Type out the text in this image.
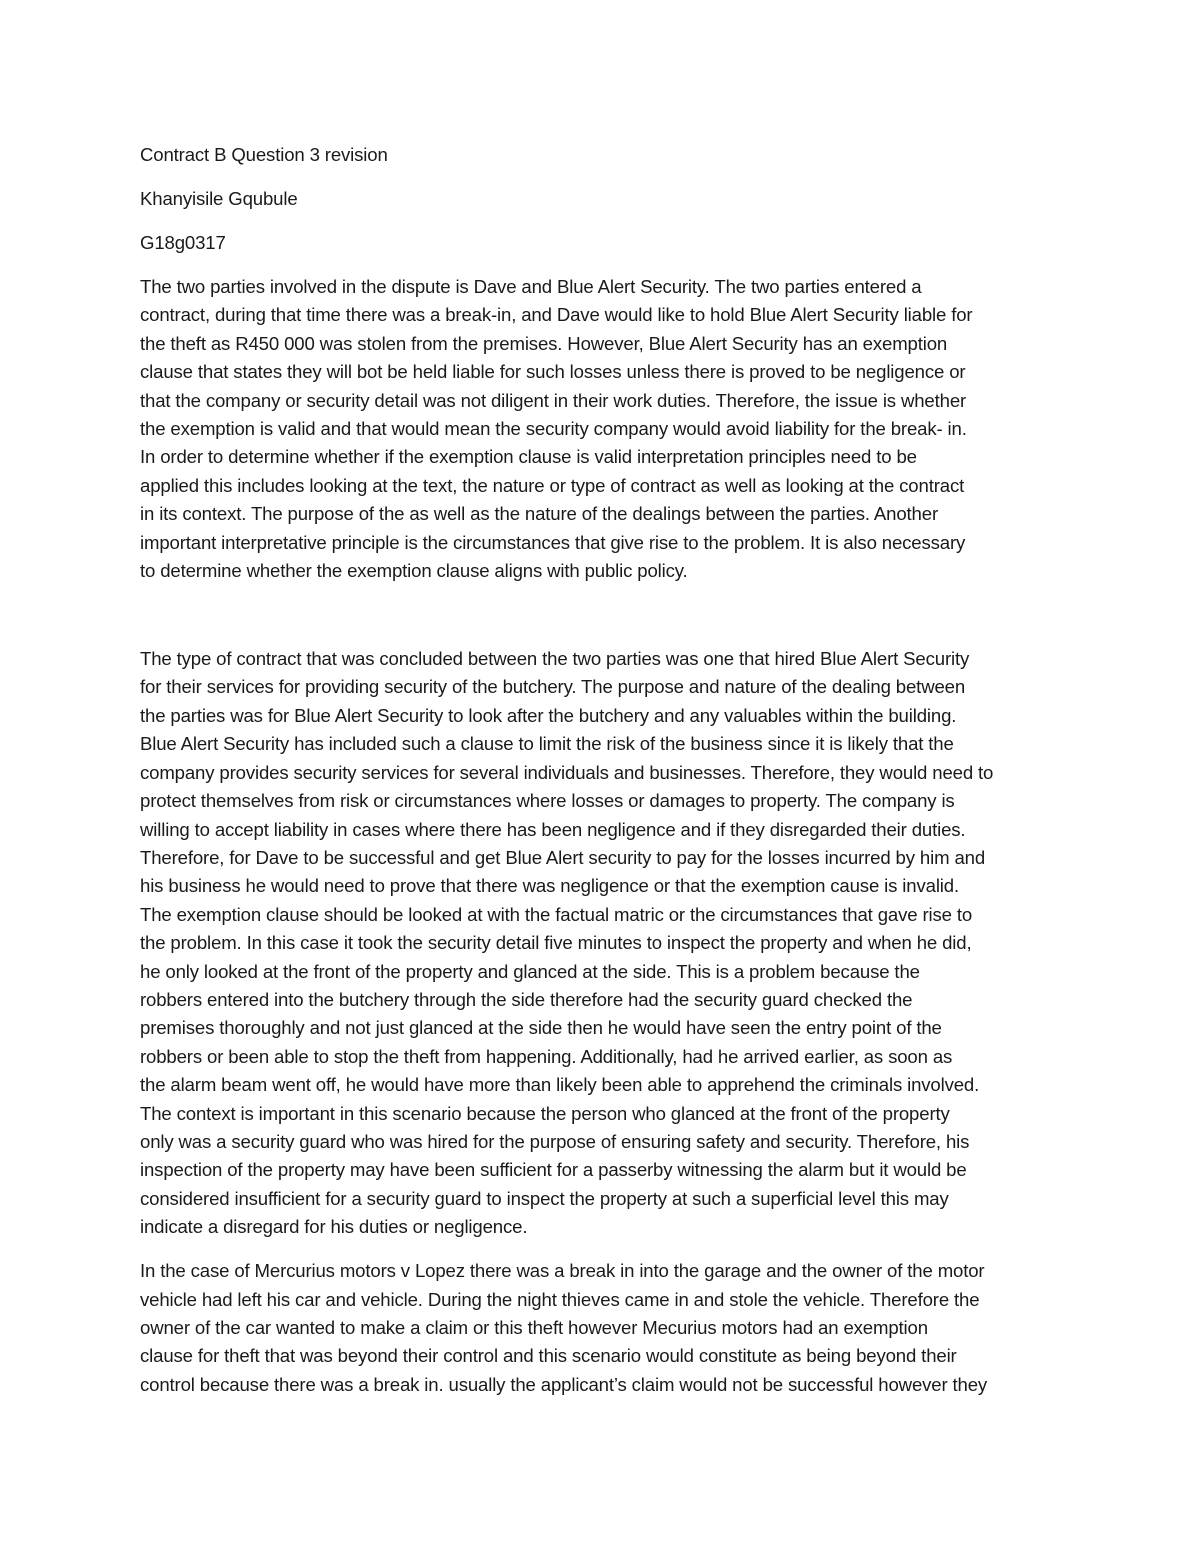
Contract B Question 3 revision

Khanyisile Gqubule

G18g0317

The two parties involved in the dispute is Dave and Blue Alert Security. The two parties entered a

contract, during that time there was a break-in, and Dave would like to hold Blue Alert Security liable for

the theft as R450 000 was stolen from the premises. However, Blue Alert Security has an exemption

clause that states they will bot be held liable for such losses unless there is proved to be negligence or

that the company or security detail was not diligent in their work duties. Therefore, the issue is whether

the exemption is valid and that would mean the security company would avoid liability for the break- in.

In order to determine whether if the exemption clause is valid interpretation principles need to be

applied this includes looking at the text, the nature or type of contract as well as looking at the contract

in its context. The purpose of the as well as the nature of the dealings between the parties. Another

important interpretative principle is the circumstances that give rise to the problem. It is also necessary

to determine whether the exemption clause aligns with public policy.

The type of contract that was concluded between the two parties was one that hired Blue Alert Security

for their services for providing security of the butchery. The purpose and nature of the dealing between

the parties was for Blue Alert Security to look after the butchery and any valuables within the building.

Blue Alert Security has included such a clause to limit the risk of the business since it is likely that the

company provides security services for several individuals and businesses. Therefore, they would need to

protect themselves from risk or circumstances where losses or damages to property. The company is

willing to accept liability in cases where there has been negligence and if they disregarded their duties.

Therefore, for Dave to be successful and get Blue Alert security to pay for the losses incurred by him and

his business he would need to prove that there was negligence or that the exemption cause is invalid.

The exemption clause should be looked at with the factual matric or the circumstances that gave rise to

the problem. In this case it took the security detail five minutes to inspect the property and when he did,

he only looked at the front of the property and glanced at the side. This is a problem because the

robbers entered into the butchery through the side therefore had the security guard checked the

premises thoroughly and not just glanced at the side then he would have seen the entry point of the

robbers or been able to stop the theft from happening. Additionally, had he arrived earlier, as soon as

the alarm beam went off, he would have more than likely been able to apprehend the criminals involved.

The context is important in this scenario because the person who glanced at the front of the property

only was a security guard who was hired for the purpose of ensuring safety and security. Therefore, his

inspection of the property may have been sufficient for a passerby witnessing the alarm but it would be

considered insufficient for a security guard to inspect the property at such a superficial level this may

indicate a disregard for his duties or negligence.

In the case of Mercurius motors v Lopez there was a break in into the garage and the owner of the motor

vehicle had left his car and vehicle. During the night thieves came in and stole the vehicle. Therefore the

owner of the car wanted to make a claim or this theft however Mecurius motors had an exemption

clause for theft that was beyond their control and this scenario would constitute as being beyond their

control because there was a break in. usually the applicant’s claim would not be successful however they
